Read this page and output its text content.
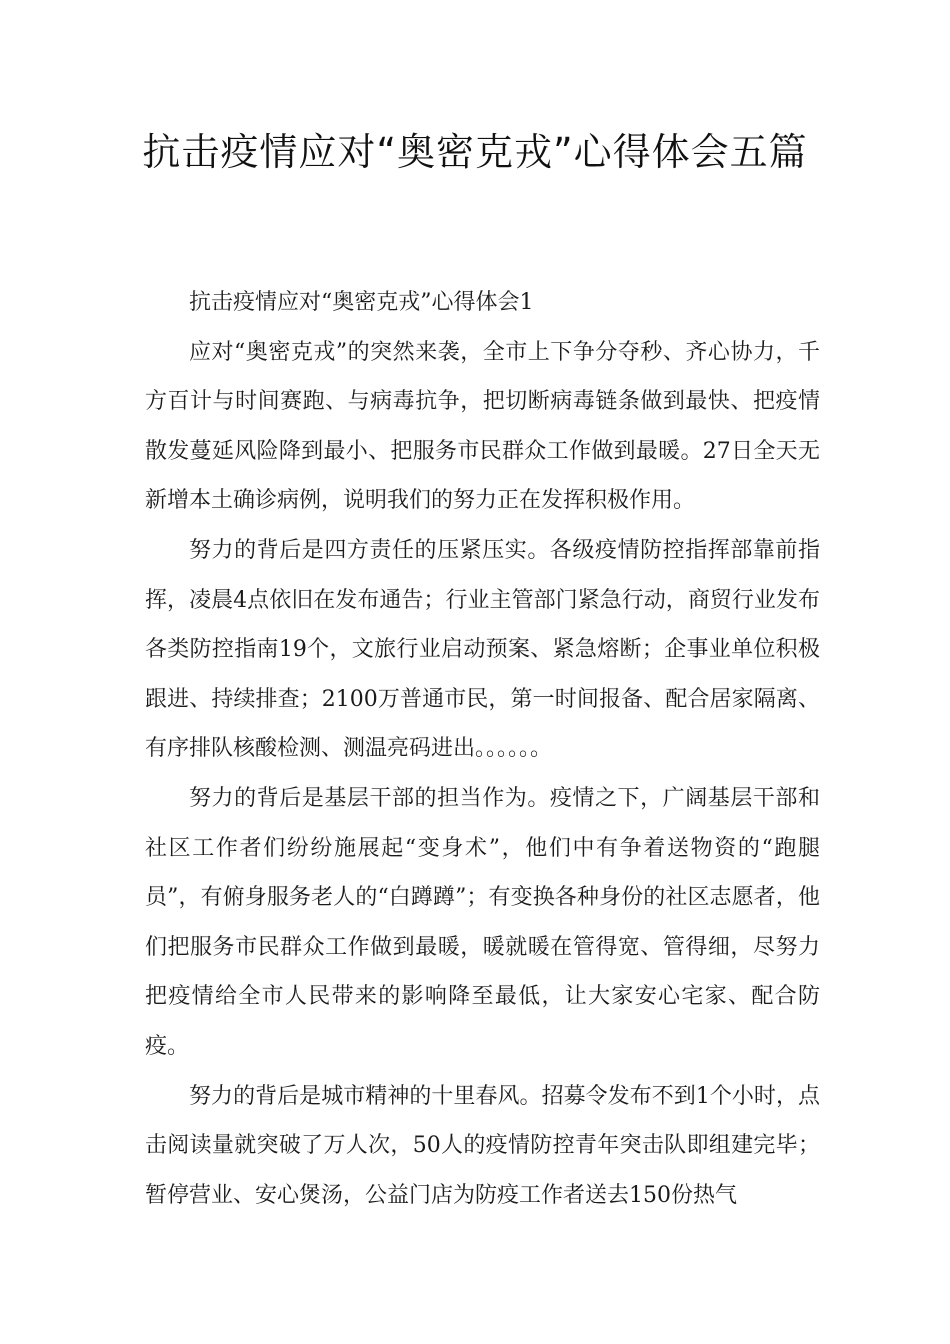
抗击疫情应对“奥密克戎”心得体会五篇

抗击疫情应对“奥密克戎”心得体会1

应对“奥密克戎”的突然来袭，全市上下争分夺秒、齐心协力，千方百计与时间赛跑、与病毒抗争，把切断病毒链条做到最快、把疫情散发蔓延风险降到最小、把服务市民群众工作做到最暖。27日全天无新增本土确诊病例，说明我们的努力正在发挥积极作用。

努力的背后是四方责任的压紧压实。各级疫情防控指挥部靠前指挥，凌晨4点依旧在发布通告；行业主管部门紧急行动，商贸行业发布各类防控指南19个，文旅行业启动预案、紧急熔断；企事业单位积极跟进、持续排查；2100万普通市民，第一时间报备、配合居家隔离、有序排队核酸检测、测温亮码进出。。。。。。

努力的背后是基层干部的担当作为。疫情之下，广阔基层干部和社区工作者们纷纷施展起“变身术”，他们中有争着送物资的“跑腿员”，有俯身服务老人的“白蹲蹲”；有变换各种身份的社区志愿者，他们把服务市民群众工作做到最暖，暖就暖在管得宽、管得细，尽努力把疫情给全市人民带来的影响降至最低，让大家安心宅家、配合防疫。

努力的背后是城市精神的十里春风。招募令发布不到1个小时，点击阅读量就突破了万人次，50人的疫情防控青年突击队即组建完毕；暂停营业、安心煲汤，公益门店为防疫工作者送去150份热气
